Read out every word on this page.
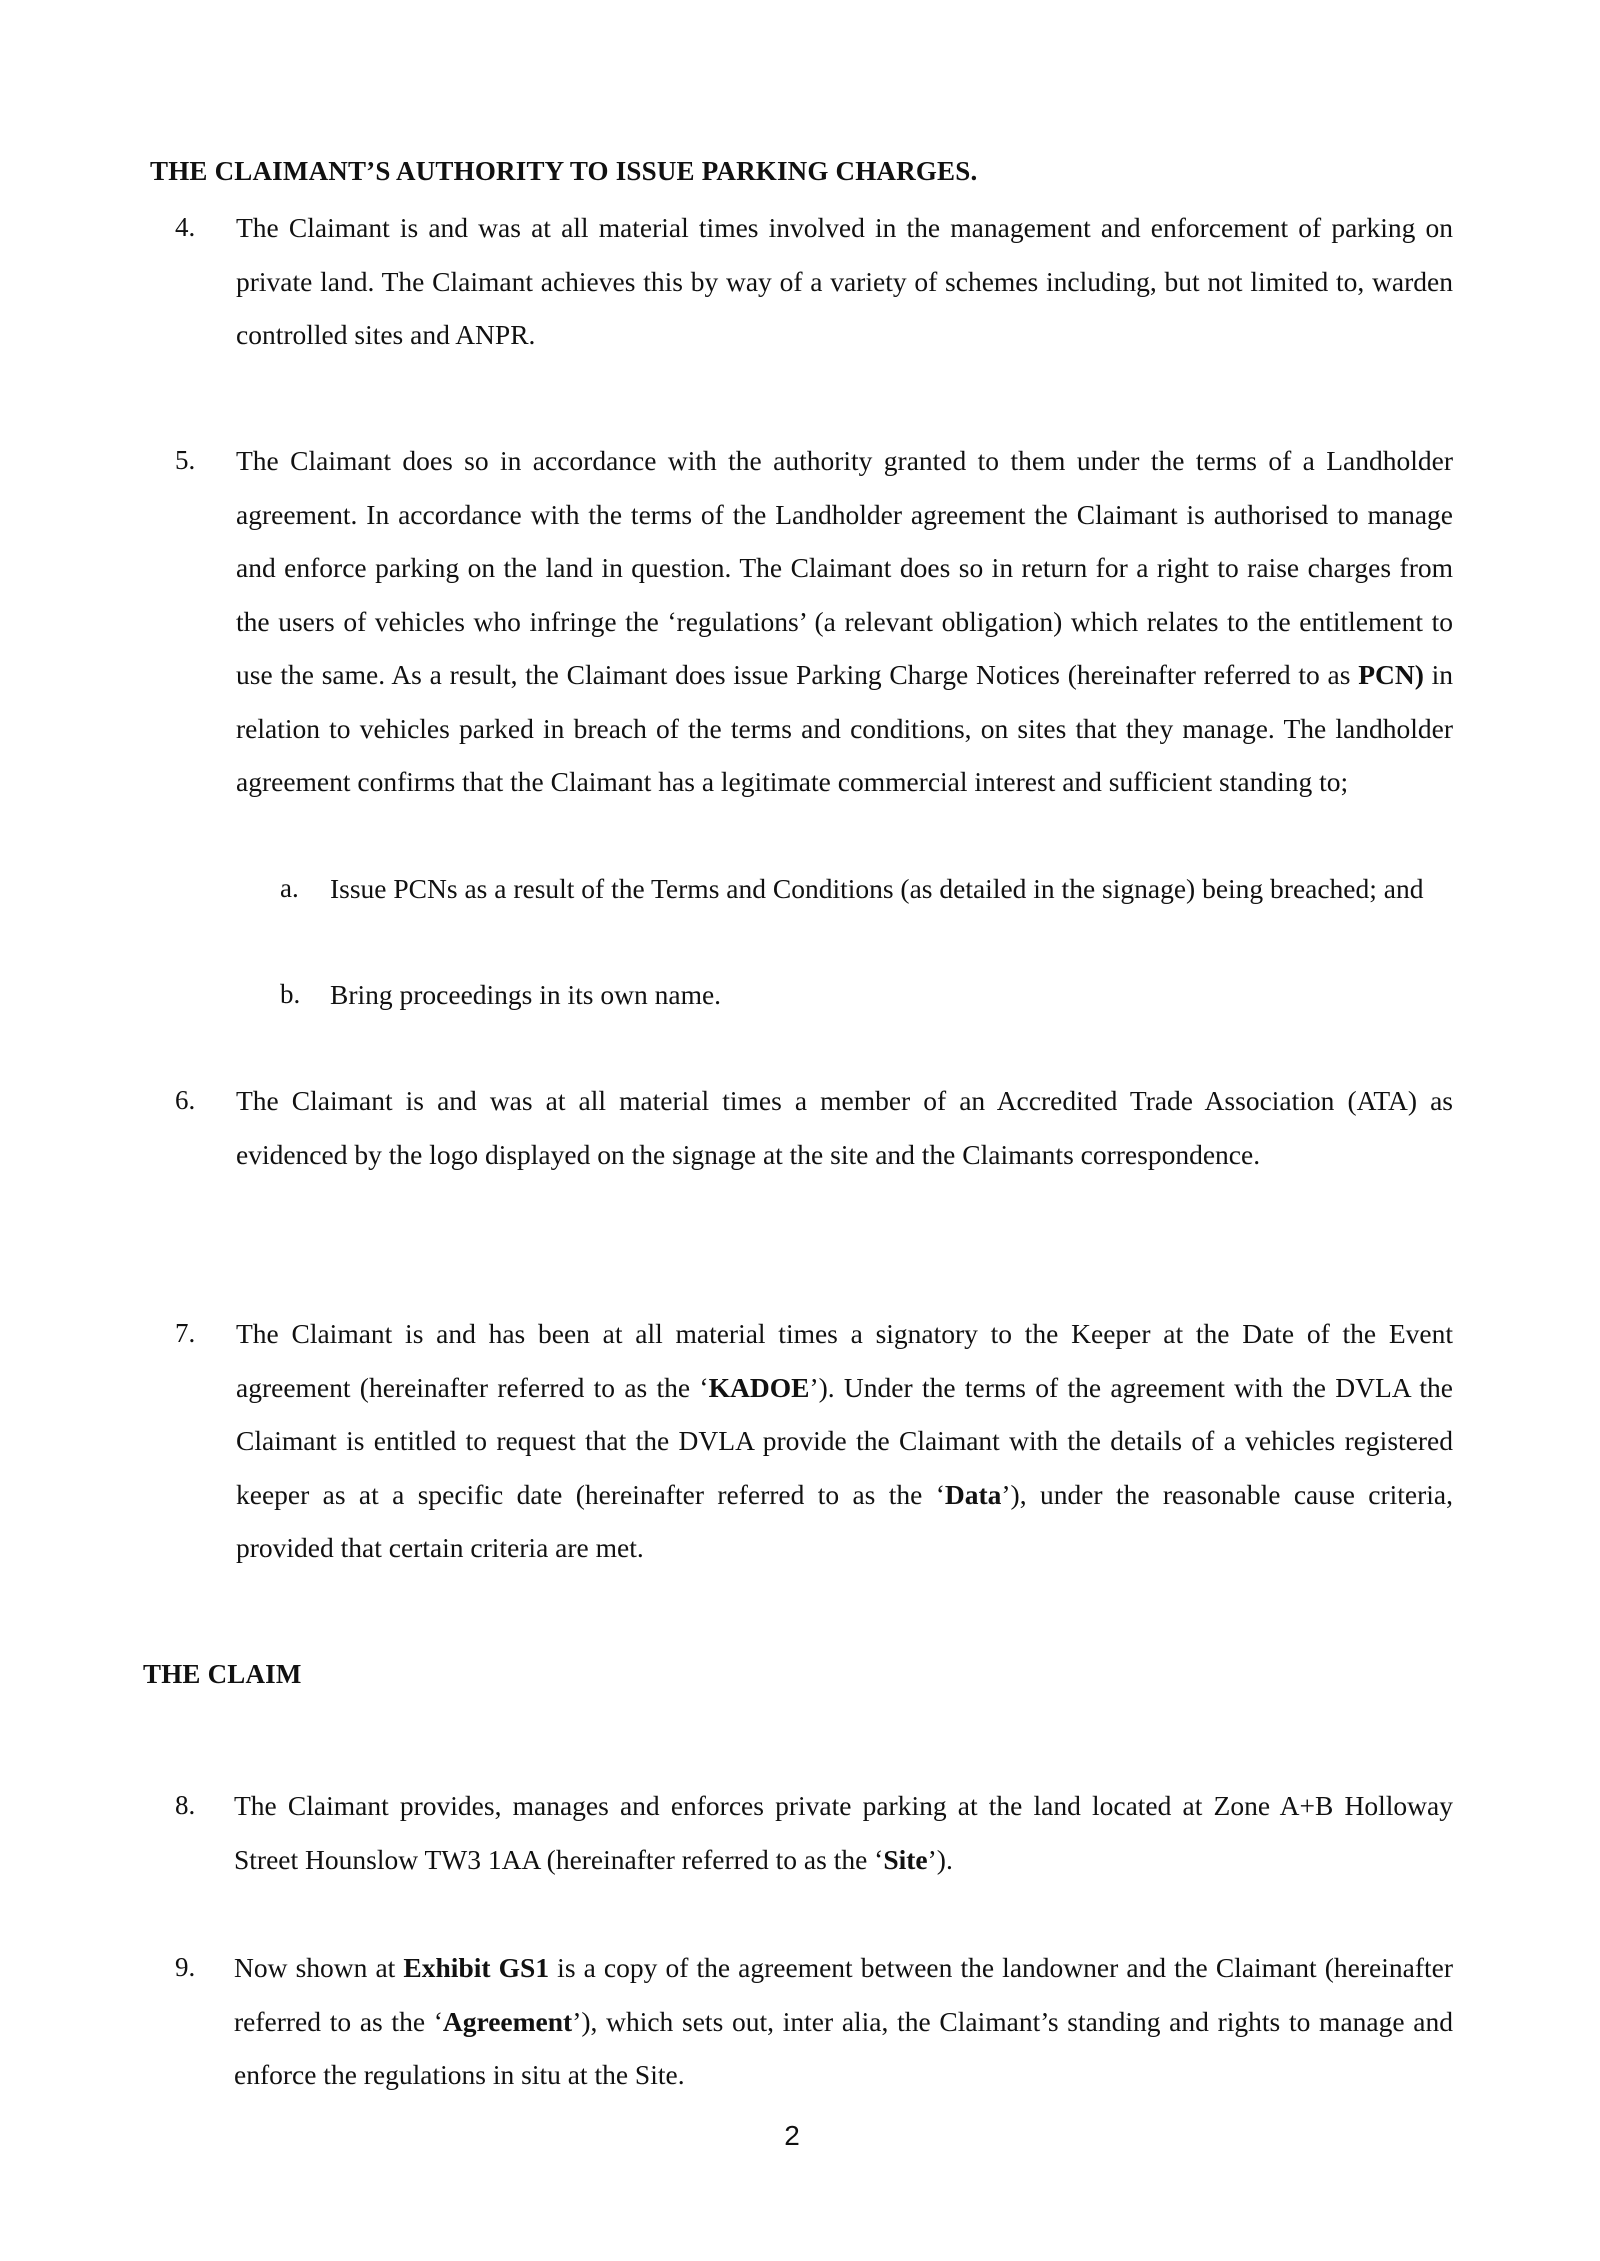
THE CLAIMANT’S AUTHORITY TO ISSUE PARKING CHARGES.
4. The Claimant is and was at all material times involved in the management and enforcement of parking on private land. The Claimant achieves this by way of a variety of schemes including, but not limited to, warden controlled sites and ANPR.

5. The Claimant does so in accordance with the authority granted to them under the terms of a Landholder agreement. In accordance with the terms of the Landholder agreement the Claimant is authorised to manage and enforce parking on the land in question. The Claimant does so in return for a right to raise charges from the users of vehicles who infringe the ‘regulations’ (a relevant obligation) which relates to the entitlement to use the same. As a result, the Claimant does issue Parking Charge Notices (hereinafter referred to as PCN) in relation to vehicles parked in breach of the terms and conditions, on sites that they manage. The landholder agreement confirms that the Claimant has a legitimate commercial interest and sufficient standing to;

a. Issue PCNs as a result of the Terms and Conditions (as detailed in the signage) being breached; and

b. Bring proceedings in its own name.

6. The Claimant is and was at all material times a member of an Accredited Trade Association (ATA) as evidenced by the logo displayed on the signage at the site and the Claimants correspondence.

7. The Claimant is and has been at all material times a signatory to the Keeper at the Date of the Event agreement (hereinafter referred to as the ‘KADOE’). Under the terms of the agreement with the DVLA the Claimant is entitled to request that the DVLA provide the Claimant with the details of a vehicles registered keeper as at a specific date (hereinafter referred to as the ‘Data’), under the reasonable cause criteria, provided that certain criteria are met.

THE CLAIM
8. The Claimant provides, manages and enforces private parking at the land located at Zone A+B Holloway Street Hounslow TW3 1AA (hereinafter referred to as the ‘Site’).

9. Now shown at Exhibit GS1 is a copy of the agreement between the landowner and the Claimant (hereinafter referred to as the ‘Agreement’), which sets out, inter alia, the Claimant’s standing and rights to manage and enforce the regulations in situ at the Site.

2
